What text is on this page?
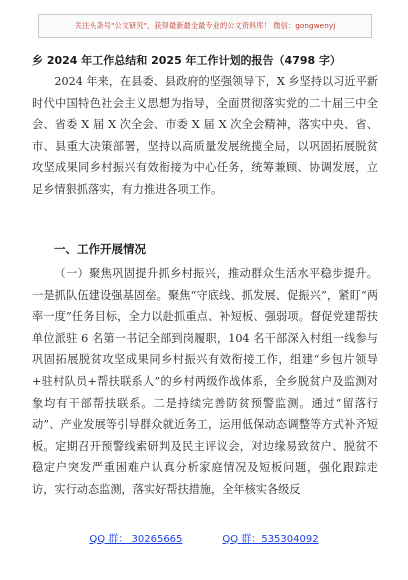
关注头条号"公文研究"，获得最新最全最专业的公文资料库！ 微信：gongwenyj
乡 2024 年工作总结和 2025 年工作计划的报告（4798 字）

2024 年来，在县委、县政府的坚强领导下，X 乡坚持以习近平新时代中国特色社会主义思想为指导，全面贯彻落实党的二十届三中全会、省委 X 届 X 次全会、市委 X 届 X 次全会精神，落实中央、省、市、县重大决策部署，坚持以高质量发展统揽全局，以巩固拓展脱贫攻坚成果同乡村振兴有效衔接为中心任务，统筹兼顾、协调发展，立足乡情狠抓落实，有力推进各项工作。

一、工作开展情况

（一）聚焦巩固提升抓乡村振兴，推动群众生活水平稳步提升。一是抓队伍建设强基固垒。聚焦“守底线、抓发展、促振兴”，紧盯“两率一度”任务目标，全力以赴抓重点、补短板、强弱项。督促党建帮扶单位派驻 6 名第一书记全部到岗履职，104 名干部深入村组一线参与巩固拓展脱贫攻坚成果同乡村振兴有效衔接工作，组建“乡包片领导+驻村队员+帮扶联系人”的乡村两级作战体系，全乡脱贫户及监测对象均有干部帮扶联系。二是持续完善防贫预警监测。通过“留落行动”、产业发展等引导群众就近务工，运用低保动态调整等方式补齐短板。定期召开预警线索研判及民主评议会，对边缘易致贫户、脱贫不稳定户突发严重困难户认真分析家庭情况及短板问题，强化跟踪走访，实行动态监测，落实好帮扶措施，全年核实各级反

QQ 群： 30265665	QQ 群：535304092
